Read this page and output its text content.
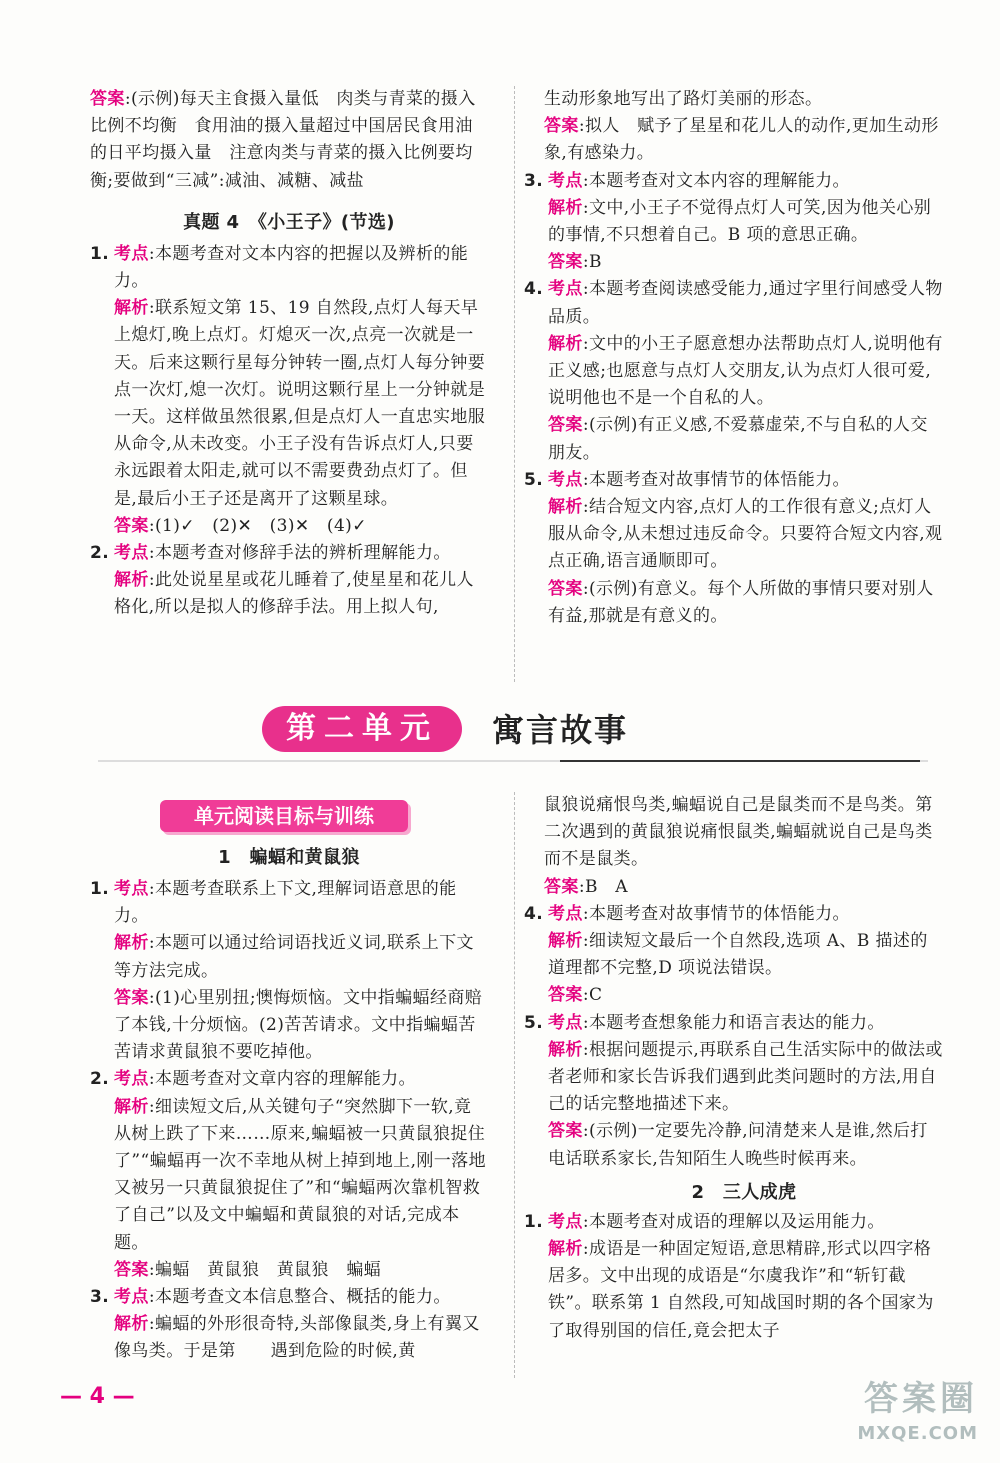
答案:(示例)每天主食摄入量低　肉类与青菜的摄入比例不均衡　食用油的摄入量超过中国居民食用油的日平均摄入量　注意肉类与青菜的摄入比例要均衡;要做到“三减”:减油、减糖、减盐

真题 4　《小王子》(节选)

1. 考点:本题考查对文本内容的把握以及辨析的能力。

解析:联系短文第 15、19 自然段,点灯人每天早上熄灯,晚上点灯。灯熄灭一次,点亮一次就是一天。后来这颗行星每分钟转一圈,点灯人每分钟要点一次灯,熄一次灯。说明这颗行星上一分钟就是一天。这样做虽然很累,但是点灯人一直忠实地服从命令,从未改变。小王子没有告诉点灯人,只要永远跟着太阳走,就可以不需要费劲点灯了。但是,最后小王子还是离开了这颗星球。

答案:(1)✓　(2)✕　(3)✕　(4)✓

2. 考点:本题考查对修辞手法的辨析理解能力。

解析:此处说星星或花儿睡着了,使星星和花儿人格化,所以是拟人的修辞手法。用上拟人句,

生动形象地写出了路灯美丽的形态。

答案:拟人　赋予了星星和花儿人的动作,更加生动形象,有感染力。

3. 考点:本题考查对文本内容的理解能力。

解析:文中,小王子不觉得点灯人可笑,因为他关心别的事情,不只想着自己。B 项的意思正确。

答案:B

4. 考点:本题考查阅读感受能力,通过字里行间感受人物品质。

解析:文中的小王子愿意想办法帮助点灯人,说明他有正义感;也愿意与点灯人交朋友,认为点灯人很可爱,说明他也不是一个自私的人。

答案:(示例)有正义感,不爱慕虚荣,不与自私的人交朋友。

5. 考点:本题考查对故事情节的体悟能力。

解析:结合短文内容,点灯人的工作很有意义;点灯人服从命令,从未想过违反命令。只要符合短文内容,观点正确,语言通顺即可。

答案:(示例)有意义。每个人所做的事情只要对别人有益,那就是有意义的。

第二单元	寓言故事
单元阅读目标与训练
1　蝙蝠和黄鼠狼

1. 考点:本题考查联系上下文,理解词语意思的能力。

解析:本题可以通过给词语找近义词,联系上下文等方法完成。

答案:(1)心里别扭;懊悔烦恼。文中指蝙蝠经商赔了本钱,十分烦恼。(2)苦苦请求。文中指蝙蝠苦苦请求黄鼠狼不要吃掉他。

2. 考点:本题考查对文章内容的理解能力。

解析:细读短文后,从关键句子“突然脚下一软,竟从树上跌了下来……原来,蝙蝠被一只黄鼠狼捉住了”“蝙蝠再一次不幸地从树上掉到地上,刚一落地又被另一只黄鼠狼捉住了”和“蝙蝠两次靠机智救了自己”以及文中蝙蝠和黄鼠狼的对话,完成本题。

答案:蝙蝠　黄鼠狼　黄鼠狼　蝙蝠

3. 考点:本题考查文本信息整合、概括的能力。

解析:蝙蝠的外形很奇特,头部像鼠类,身上有翼又像鸟类。于是第　　遇到危险的时候,黄

鼠狼说痛恨鸟类,蝙蝠说自己是鼠类而不是鸟类。第二次遇到的黄鼠狼说痛恨鼠类,蝙蝠就说自己是鸟类而不是鼠类。

答案:B　A

4. 考点:本题考查对故事情节的体悟能力。

解析:细读短文最后一个自然段,选项 A、B 描述的道理都不完整,D 项说法错误。

答案:C

5. 考点:本题考查想象能力和语言表达的能力。

解析:根据问题提示,再联系自己生活实际中的做法或者老师和家长告诉我们遇到此类问题时的方法,用自己的话完整地描述下来。

答案:(示例)一定要先冷静,问清楚来人是谁,然后打电话联系家长,告知陌生人晚些时候再来。

2　三人成虎

1. 考点:本题考查对成语的理解以及运用能力。

解析:成语是一种固定短语,意思精辟,形式以四字格居多。文中出现的成语是“尔虞我诈”和“斩钉截铁”。联系第 1 自然段,可知战国时期的各个国家为了取得别国的信任,竟会把太子

— 4 —	答案圈
MXQE.COM
